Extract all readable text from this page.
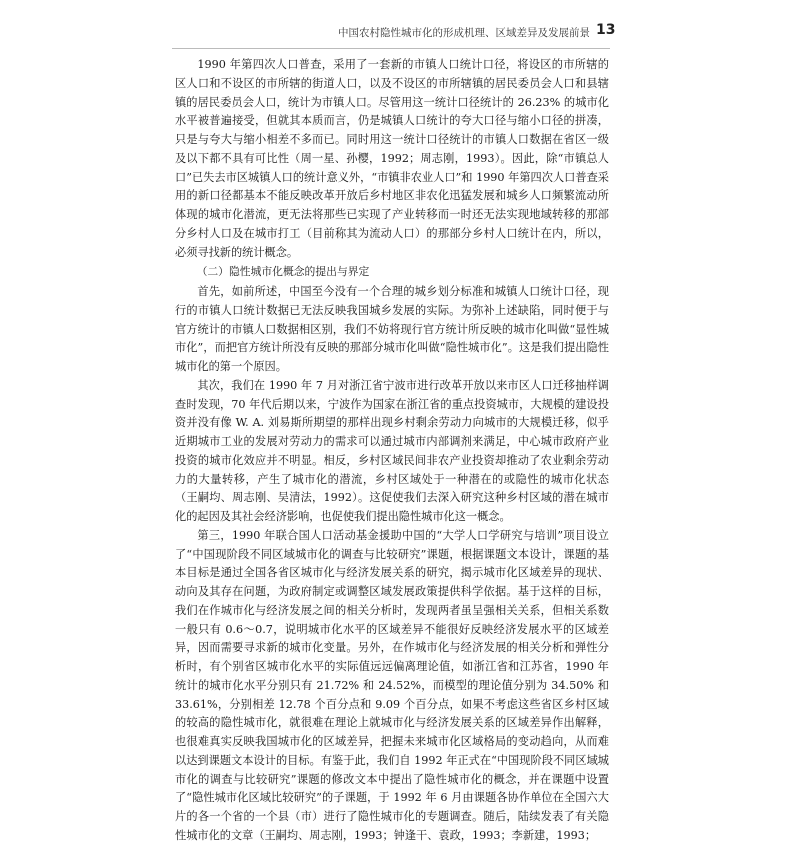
中国农村隐性城市化的形成机理、区域差异及发展前景 13

1990 年第四次人口普查，采用了一套新的市镇人口统计口径，将设区的市所辖的区人口和不设区的市所辖的街道人口，以及不设区的市所辖镇的居民委员会人口和县辖镇的居民委员会人口，统计为市镇人口。尽管用这一统计口径统计的 26.23% 的城市化水平被普遍接受，但就其本质而言，仍是城镇人口统计的夸大口径与缩小口径的拼凑，只是与夸大与缩小相差不多而已。同时用这一统计口径统计的市镇人口数据在省区一级及以下都不具有可比性（周一星、孙樱，1992；周志刚，1993）。因此，除“市镇总人口”已失去市区城镇人口的统计意义外，“市镇非农业人口”和 1990 年第四次人口普查采用的新口径都基本不能反映改革开放后乡村地区非农化迅猛发展和城乡人口频繁流动所体现的城市化潜流，更无法将那些已实现了产业转移而一时还无法实现地域转移的那部分乡村人口及在城市打工（目前称其为流动人口）的那部分乡村人口统计在内，所以，必须寻找新的统计概念。

（二）隐性城市化概念的提出与界定

首先，如前所述，中国至今没有一个合理的城乡划分标准和城镇人口统计口径，现行的市镇人口统计数据已无法反映我国城乡发展的实际。为弥补上述缺陷，同时便于与官方统计的市镇人口数据相区别，我们不妨将现行官方统计所反映的城市化叫做“显性城市化”，而把官方统计所没有反映的那部分城市化叫做“隐性城市化”。这是我们提出隐性城市化的第一个原因。

其次，我们在 1990 年 7 月对浙江省宁波市进行改革开放以来市区人口迁移抽样调查时发现，70 年代后期以来，宁波作为国家在浙江省的重点投资城市，大规模的建设投资并没有像 W. A. 刘易斯所期望的那样出现乡村剩余劳动力向城市的大规模迁移，似乎近期城市工业的发展对劳动力的需求可以通过城市内部调剂来满足，中心城市政府产业投资的城市化效应并不明显。相反，乡村区域民间非农产业投资却推动了农业剩余劳动力的大量转移，产生了城市化的潜流，乡村区域处于一种潜在的或隐性的城市化状态（王嗣均、周志刚、吴清法，1992）。这促使我们去深入研究这种乡村区域的潜在城市化的起因及其社会经济影响，也促使我们提出隐性城市化这一概念。

第三，1990 年联合国人口活动基金援助中国的“大学人口学研究与培训”项目设立了“中国现阶段不同区域城市化的调查与比较研究”课题，根据课题文本设计，课题的基本目标是通过全国各省区城市化与经济发展关系的研究，揭示城市化区域差异的现状、动向及其存在问题，为政府制定或调整区域发展政策提供科学依据。基于这样的目标，我们在作城市化与经济发展之间的相关分析时，发现两者虽呈强相关关系，但相关系数一般只有 0.6～0.7，说明城市化水平的区域差异不能很好反映经济发展水平的区域差异，因而需要寻求新的城市化变量。另外，在作城市化与经济发展的相关分析和弹性分析时，有个别省区城市化水平的实际值远远偏离理论值，如浙江省和江苏省，1990 年统计的城市化水平分别只有 21.72% 和 24.52%，而模型的理论值分别为 34.50% 和 33.61%，分别相差 12.78 个百分点和 9.09 个百分点，如果不考虑这些省区乡村区域的较高的隐性城市化，就很难在理论上就城市化与经济发展关系的区域差异作出解释，也很难真实反映我国城市化的区域差异，把握未来城市化区域格局的变动趋向，从而难以达到课题文本设计的目标。有鉴于此，我们自 1992 年正式在“中国现阶段不同区域城市化的调查与比较研究”课题的修改文本中提出了隐性城市化的概念，并在课题中设置了“隐性城市化区域比较研究”的子课题，于 1992 年 6 月由课题各协作单位在全国六大片的各一个省的一个县（市）进行了隐性城市化的专题调查。随后，陆续发表了有关隐性城市化的文章（王嗣均、周志刚，1993；钟逢干、袁政，1993；李新建，1993；
